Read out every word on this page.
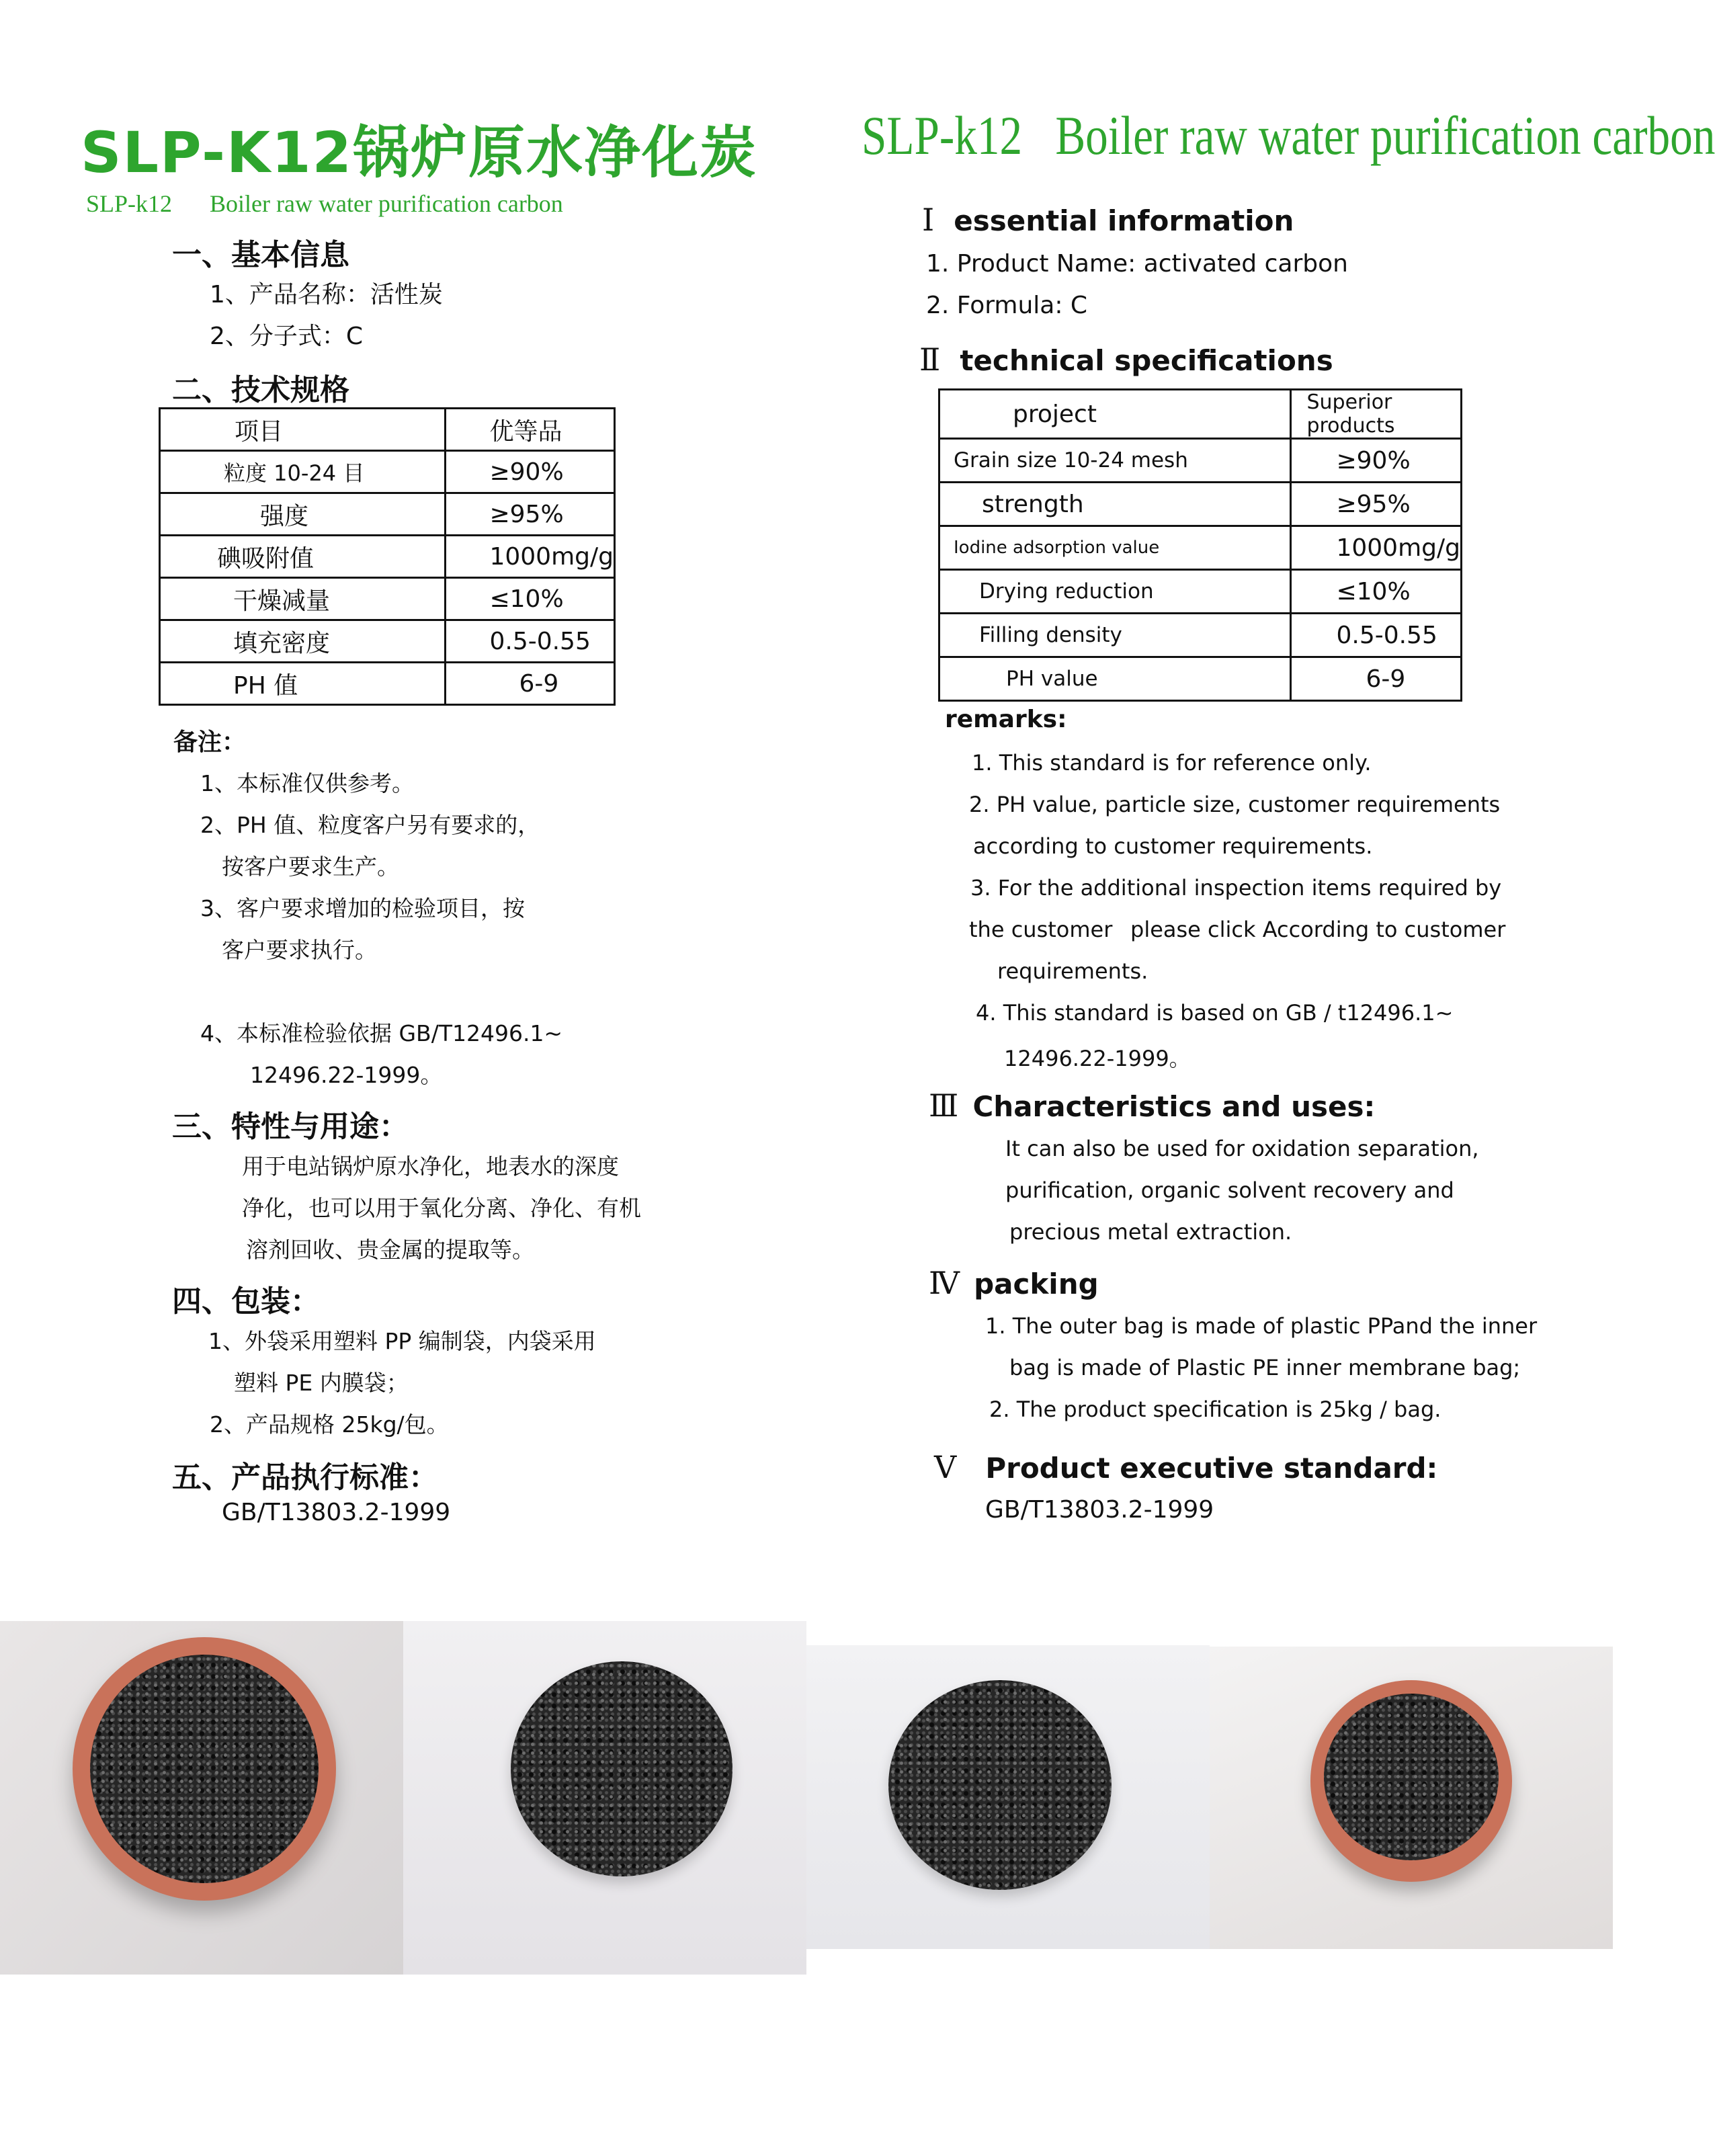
SLP-K12锅炉原水净化炭
SLP-k12 Boiler raw water purification carbon
一、基本信息
1、产品名称：活性炭
2、分子式：C
二、技术规格
项目	优等品
粒度 10-24 目	≥90%
强度	≥95%
碘吸附值	1000mg/g
干燥减量	≤10%
填充密度	0.5-0.55
PH 值	6-9
备注：
1、本标准仅供参考。
2、PH 值、粒度客户另有要求的，
按客户要求生产。
3、客户要求增加的检验项目，按
客户要求执行。
4、本标准检验依据 GB/T12496.1~
12496.22-1999。
三、特性与用途：
用于电站锅炉原水净化，地表水的深度
净化，也可以用于氧化分离、净化、有机
溶剂回收、贵金属的提取等。
四、包装：
1、外袋采用塑料 PP 编制袋，内袋采用
塑料 PE 内膜袋；
2、产品规格 25kg/包。
五、产品执行标准：
GB/T13803.2-1999
SLP-k12 Boiler raw water purification carbon
Ⅰ essential information
1. Product Name: activated carbon
2. Formula: C
Ⅱ technical specifications
project	Superior products
Grain size 10-24 mesh	≥90%
strength	≥95%
Iodine adsorption value	1000mg/g
Drying reduction	≤10%
Filling density	0.5-0.55
PH value	6-9
remarks:
1. This standard is for reference only.
2. PH value, particle size, customer requirements
according to customer requirements.
3. For the additional inspection items required by
the customer please click According to customer
requirements.
4. This standard is based on GB / t12496.1~
12496.22-1999。
Ⅲ Characteristics and uses:
It can also be used for oxidation separation,
purification, organic solvent recovery and
precious metal extraction.
Ⅳ packing
1. The outer bag is made of plastic PPand the inner
bag is made of Plastic PE inner membrane bag;
2. The product specification is 25kg / bag.
Ⅴ Product executive standard:
GB/T13803.2-1999
